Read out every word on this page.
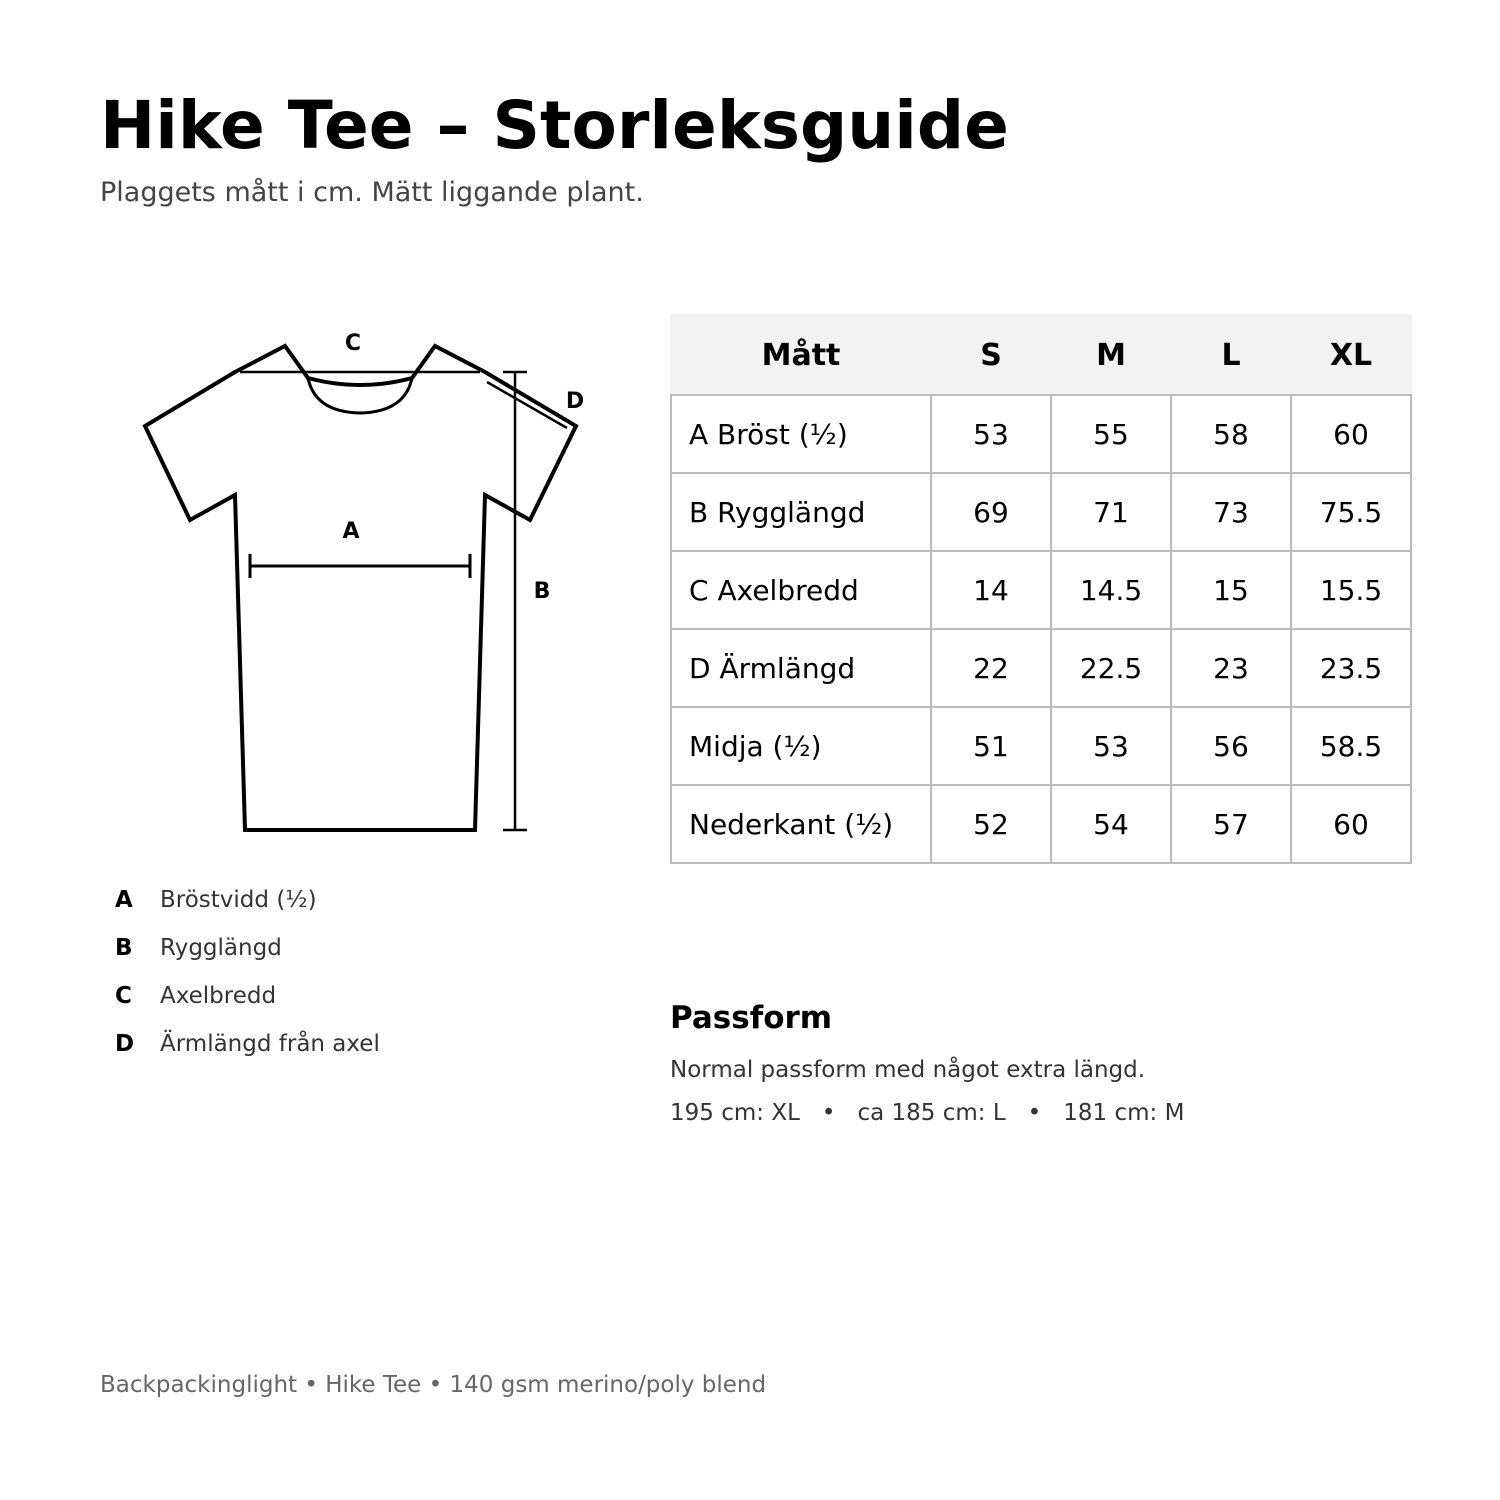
Hike Tee – Storleksguide

Plaggets mått i cm. Mätt liggande plant.

C
A
B
D
A	Bröstvidd (½)
B	Rygglängd
C	Axelbredd
D	Ärmlängd från axel
Mått	S	M	L	XL
A Bröst (½)	53	55	58	60
B Rygglängd	69	71	73	75.5
C Axelbredd	14	14.5	15	15.5
D Ärmlängd	22	22.5	23	23.5
Midja (½)	51	53	56	58.5
Nederkant (½)	52	54	57	60
Passform

Normal passform med något extra längd.

195 cm: XL • ca 185 cm: L • 181 cm: M

Backpackinglight • Hike Tee • 140 gsm merino/poly blend
